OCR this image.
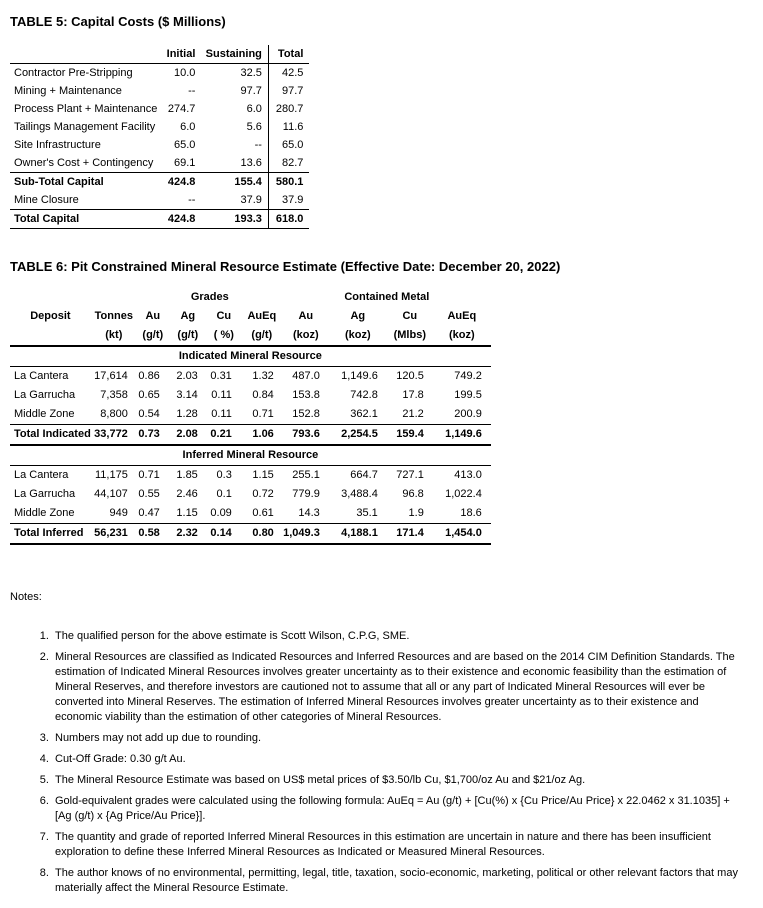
TABLE 5: Capital Costs ($ Millions)
	Initial	Sustaining	Total
Contractor Pre-Stripping	10.0	32.5	42.5
Mining + Maintenance	--	97.7	97.7
Process Plant + Maintenance	274.7	6.0	280.7
Tailings Management Facility	6.0	5.6	11.6
Site Infrastructure	65.0	--	65.0
Owner's Cost + Contingency	69.1	13.6	82.7
Sub-Total Capital	424.8	155.4	580.1
Mine Closure	--	37.9	37.9
Total Capital	424.8	193.3	618.0
TABLE 6: Pit Constrained Mineral Resource Estimate (Effective Date: December 20, 2022)
		Grades				Contained Metal			
Deposit	Tonnes	Au	Ag	Cu	AuEq	Au	Ag	Cu	AuEq
	(kt)	(g/t)	(g/t)	( %)	(g/t)	(koz)	(koz)	(Mlbs)	(koz)
Indicated Mineral Resource									
La Cantera	17,614	0.86	2.03	0.31	1.32	487.0	1,149.6	120.5	749.2
La Garrucha	7,358	0.65	3.14	0.11	0.84	153.8	742.8	17.8	199.5
Middle Zone	8,800	0.54	1.28	0.11	0.71	152.8	362.1	21.2	200.9
Total Indicated	33,772	0.73	2.08	0.21	1.06	793.6	2,254.5	159.4	1,149.6
Inferred Mineral Resource									
La Cantera	11,175	0.71	1.85	0.3	1.15	255.1	664.7	727.1	413.0
La Garrucha	44,107	0.55	2.46	0.1	0.72	779.9	3,488.4	96.8	1,022.4
Middle Zone	949	0.47	1.15	0.09	0.61	14.3	35.1	1.9	18.6
Total Inferred	56,231	0.58	2.32	0.14	0.80	1,049.3	4,188.1	171.4	1,454.0
Notes:
1. The qualified person for the above estimate is Scott Wilson, C.P.G, SME.
2. Mineral Resources are classified as Indicated Resources and Inferred Resources and are based on the 2014 CIM Definition Standards. The estimation of Indicated Mineral Resources involves greater uncertainty as to their existence and economic feasibility than the estimation of Mineral Reserves, and therefore investors are cautioned not to assume that all or any part of Indicated Mineral Resources will ever be converted into Mineral Reserves. The estimation of Inferred Mineral Resources involves greater uncertainty as to their existence and economic viability than the estimation of other categories of Mineral Resources.
3. Numbers may not add up due to rounding.
4. Cut-Off Grade: 0.30 g/t Au.
5. The Mineral Resource Estimate was based on US$ metal prices of $3.50/lb Cu, $1,700/oz Au and $21/oz Ag.
6. Gold-equivalent grades were calculated using the following formula: AuEq = Au (g/t) + [Cu(%) x {Cu Price/Au Price} x 22.0462 x 31.1035] + [Ag (g/t) x {Ag Price/Au Price}].
7. The quantity and grade of reported Inferred Mineral Resources in this estimation are uncertain in nature and there has been insufficient exploration to define these Inferred Mineral Resources as Indicated or Measured Mineral Resources.
8. The author knows of no environmental, permitting, legal, title, taxation, socio-economic, marketing, political or other relevant factors that may materially affect the Mineral Resource Estimate.
